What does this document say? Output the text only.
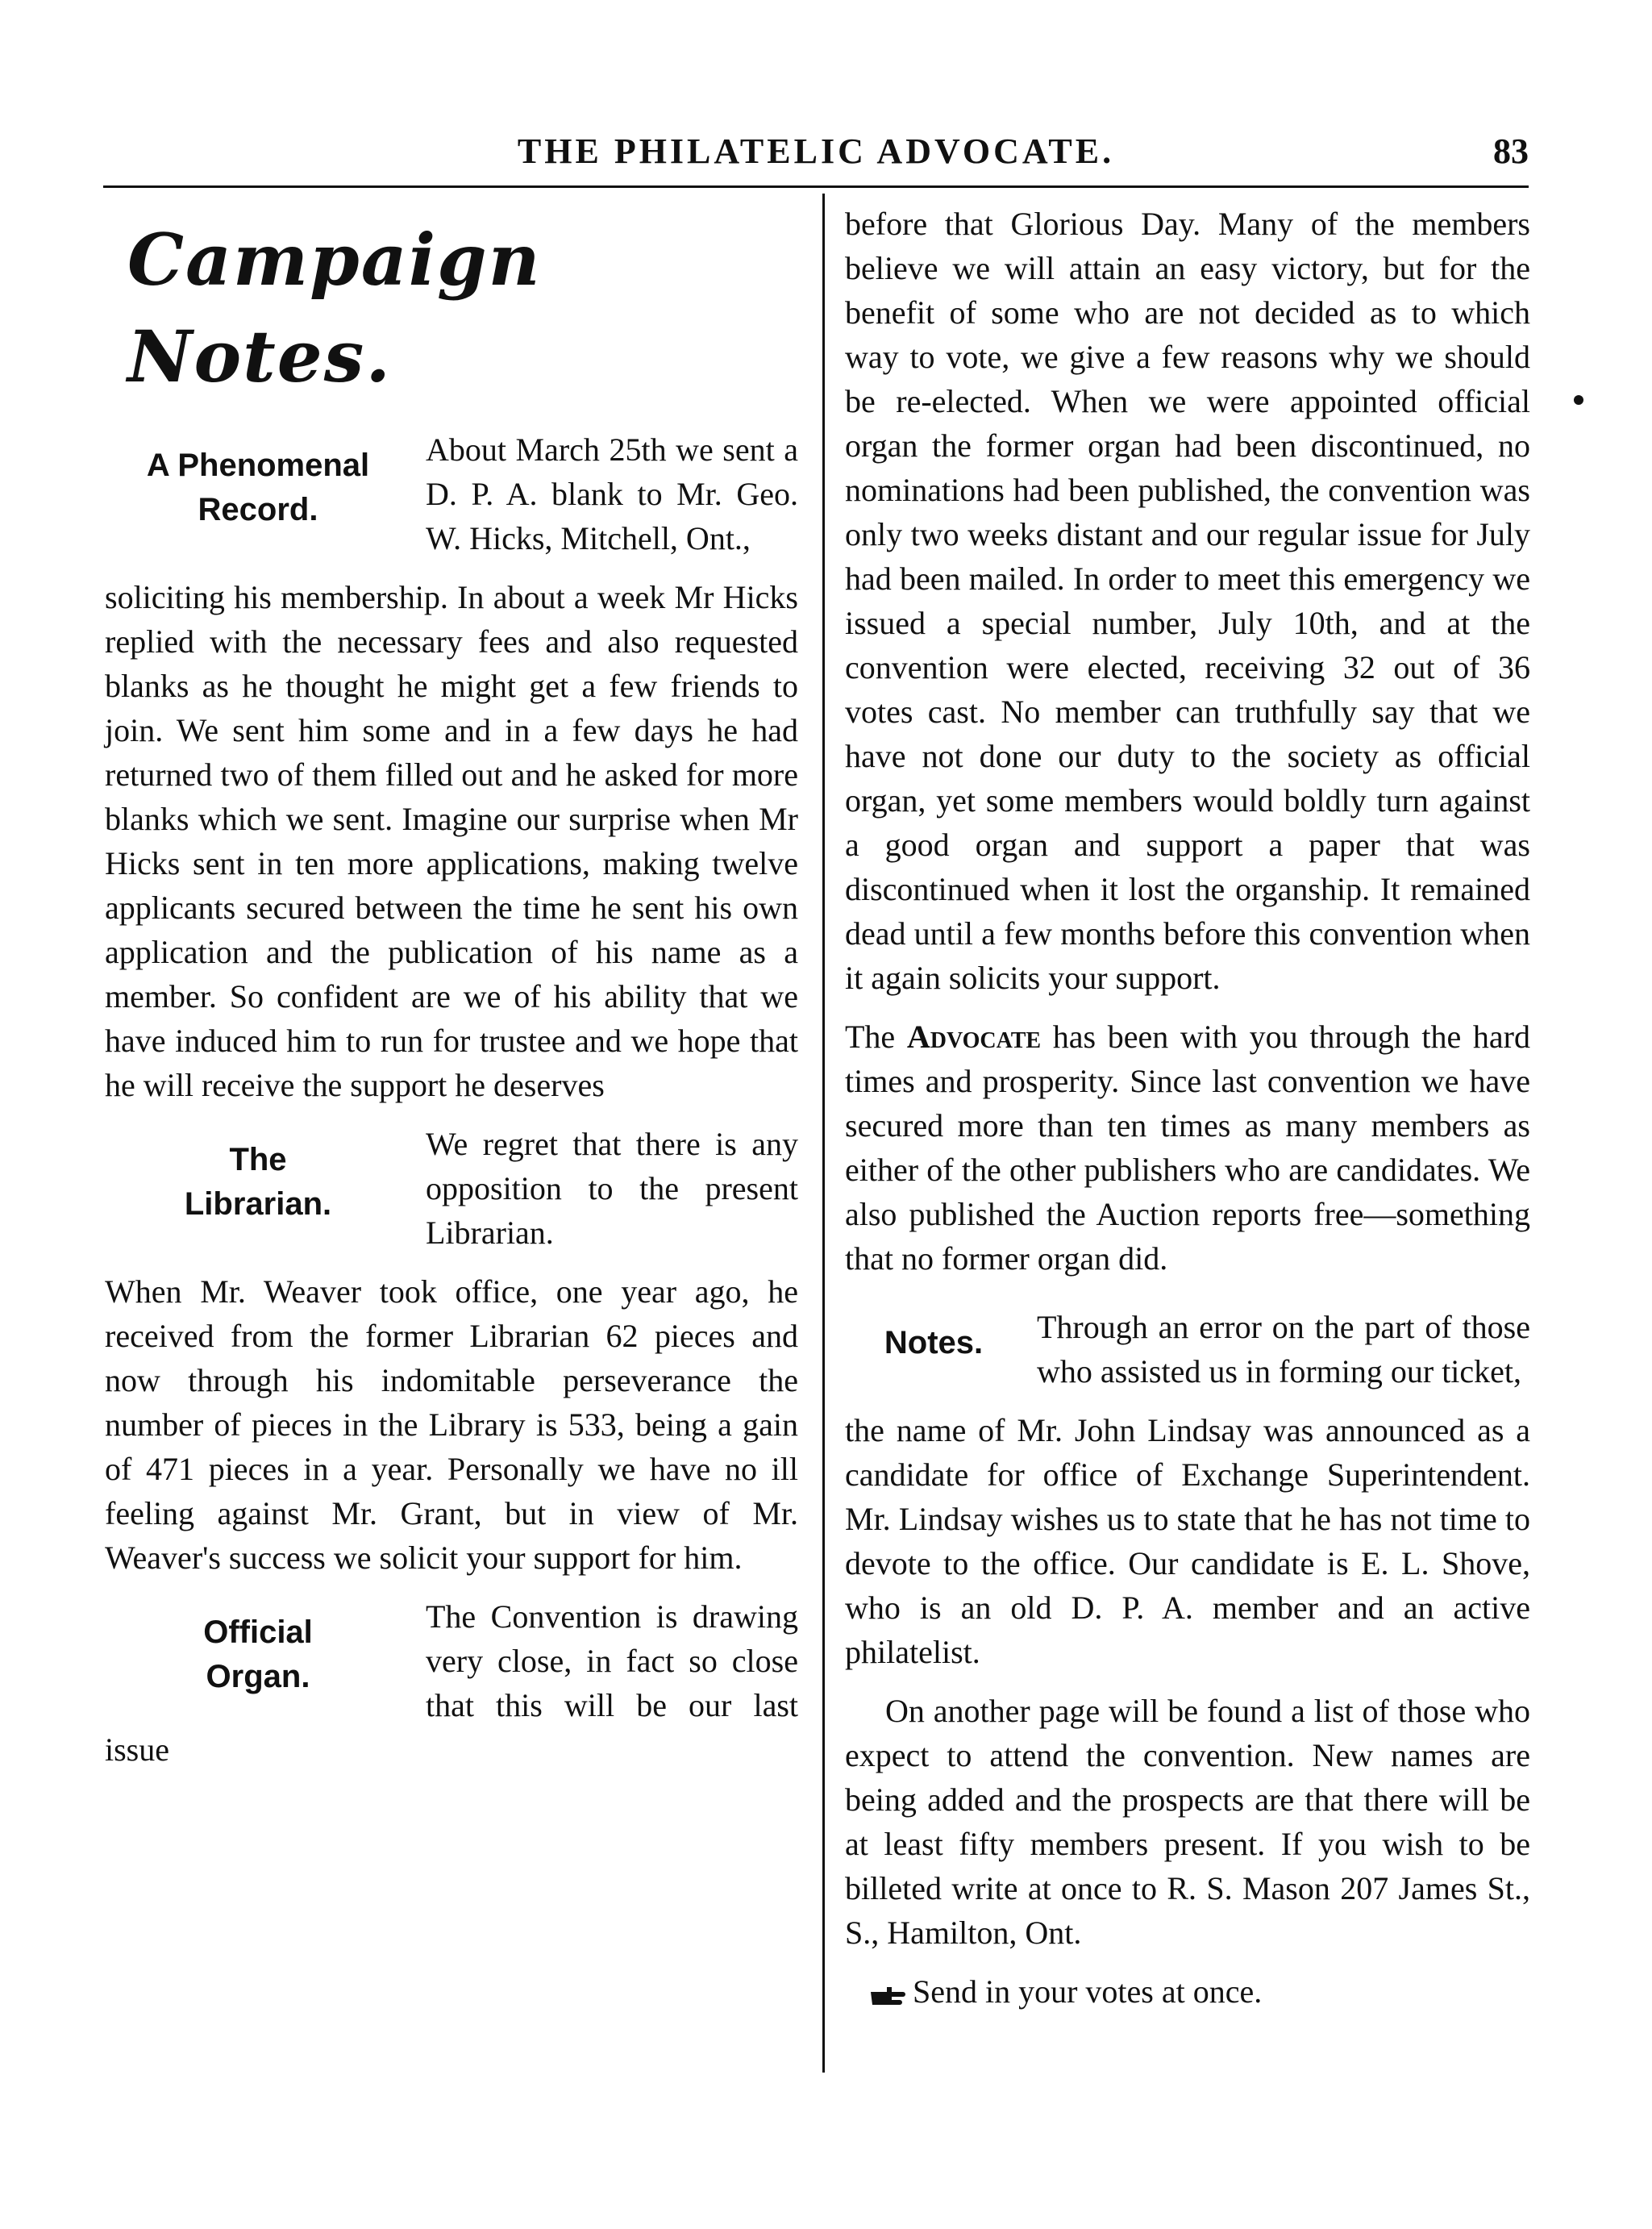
THE PHILATELIC ADVOCATE.	83
Campaign Notes.
A Phenomenal
Record.

About March 25th we sent a D. P. A. blank to Mr. Geo. W. Hicks, Mitchell, Ont.,

soliciting his membership. In about a week Mr Hicks replied with the necessary fees and also requested blanks as he thought he might get a few friends to join. We sent him some and in a few days he had returned two of them filled out and he asked for more blanks which we sent. Imagine our surprise when Mr Hicks sent in ten more applications, making twelve applicants secured between the time he sent his own application and the publication of his name as a member. So confident are we of his ability that we have induced him to run for trustee and we hope that he will receive the support he deserves

The
Librarian.

We regret that there is any opposition to the present Librarian.

When Mr. Weaver took office, one year ago, he received from the former Librarian 62 pieces and now through his indomitable perseverance the number of pieces in the Library is 533, being a gain of 471 pieces in a year. Personally we have no ill feeling against Mr. Grant, but in view of Mr. Weaver's success we solicit your support for him.

Official
Organ.

The Convention is drawing very close, in fact so close that this will be our last issue

before that Glorious Day. Many of the members believe we will attain an easy victory, but for the benefit of some who are not decided as to which way to vote, we give a few reasons why we should be re-elected. When we were appointed official organ the former organ had been discontinued, no nominations had been published, the convention was only two weeks distant and our regular issue for July had been mailed. In order to meet this emergency we issued a special number, July 10th, and at the convention were elected, receiving 32 out of 36 votes cast. No member can truthfully say that we have not done our duty to the society as official organ, yet some members would boldly turn against a good organ and support a paper that was discontinued when it lost the organship. It remained dead until a few months before this convention when it again solicits your support.

The Advocate has been with you through the hard times and prosperity. Since last convention we have secured more than ten times as many members as either of the other publishers who are candidates. We also published the Auction reports free—something that no former organ did.

Notes.	Through an error on the part of those who assisted us in forming our ticket,

the name of Mr. John Lindsay was announced as a candidate for office of Exchange Superintendent. Mr. Lindsay wishes us to state that he has not time to devote to the office. Our candidate is E. L. Shove, who is an old D. P. A. member and an active philatelist.

On another page will be found a list of those who expect to attend the convention. New names are being added and the prospects are that there will be at least fifty members present. If you wish to be billeted write at once to R. S. Mason 207 James St., S., Hamilton, Ont.

Send in your votes at once.
